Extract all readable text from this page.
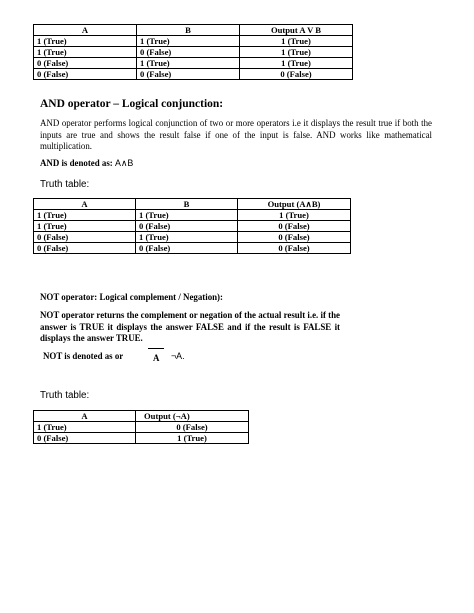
A	B	Output A V B
1 (True)	1 (True)	1 (True)
1 (True)	0 (False)	1 (True)
0 (False)	1 (True)	1 (True)
0 (False)	0 (False)	0 (False)
AND operator – Logical conjunction:
AND operator performs logical conjunction of two or more operators i.e it displays the result true if both the inputs are true and shows the result false if one of the input is false. AND works like mathematical multiplication.
AND is denoted as: A∧B
Truth table:
A	B	Output (A∧B)
1 (True)	1 (True)	1 (True)
1 (True)	0 (False)	0 (False)
0 (False)	1 (True)	0 (False)
0 (False)	0 (False)	0 (False)
NOT operator: Logical complement / Negation):
NOT operator returns the complement or negation of the actual result i.e. if the answer is TRUE it displays the answer FALSE and if the result is FALSE it displays the answer TRUE.
NOT is denoted as or	A ¬A.
Truth table:
A	Output (¬A)
1 (True)	0 (False)
0 (False)	1 (True)
